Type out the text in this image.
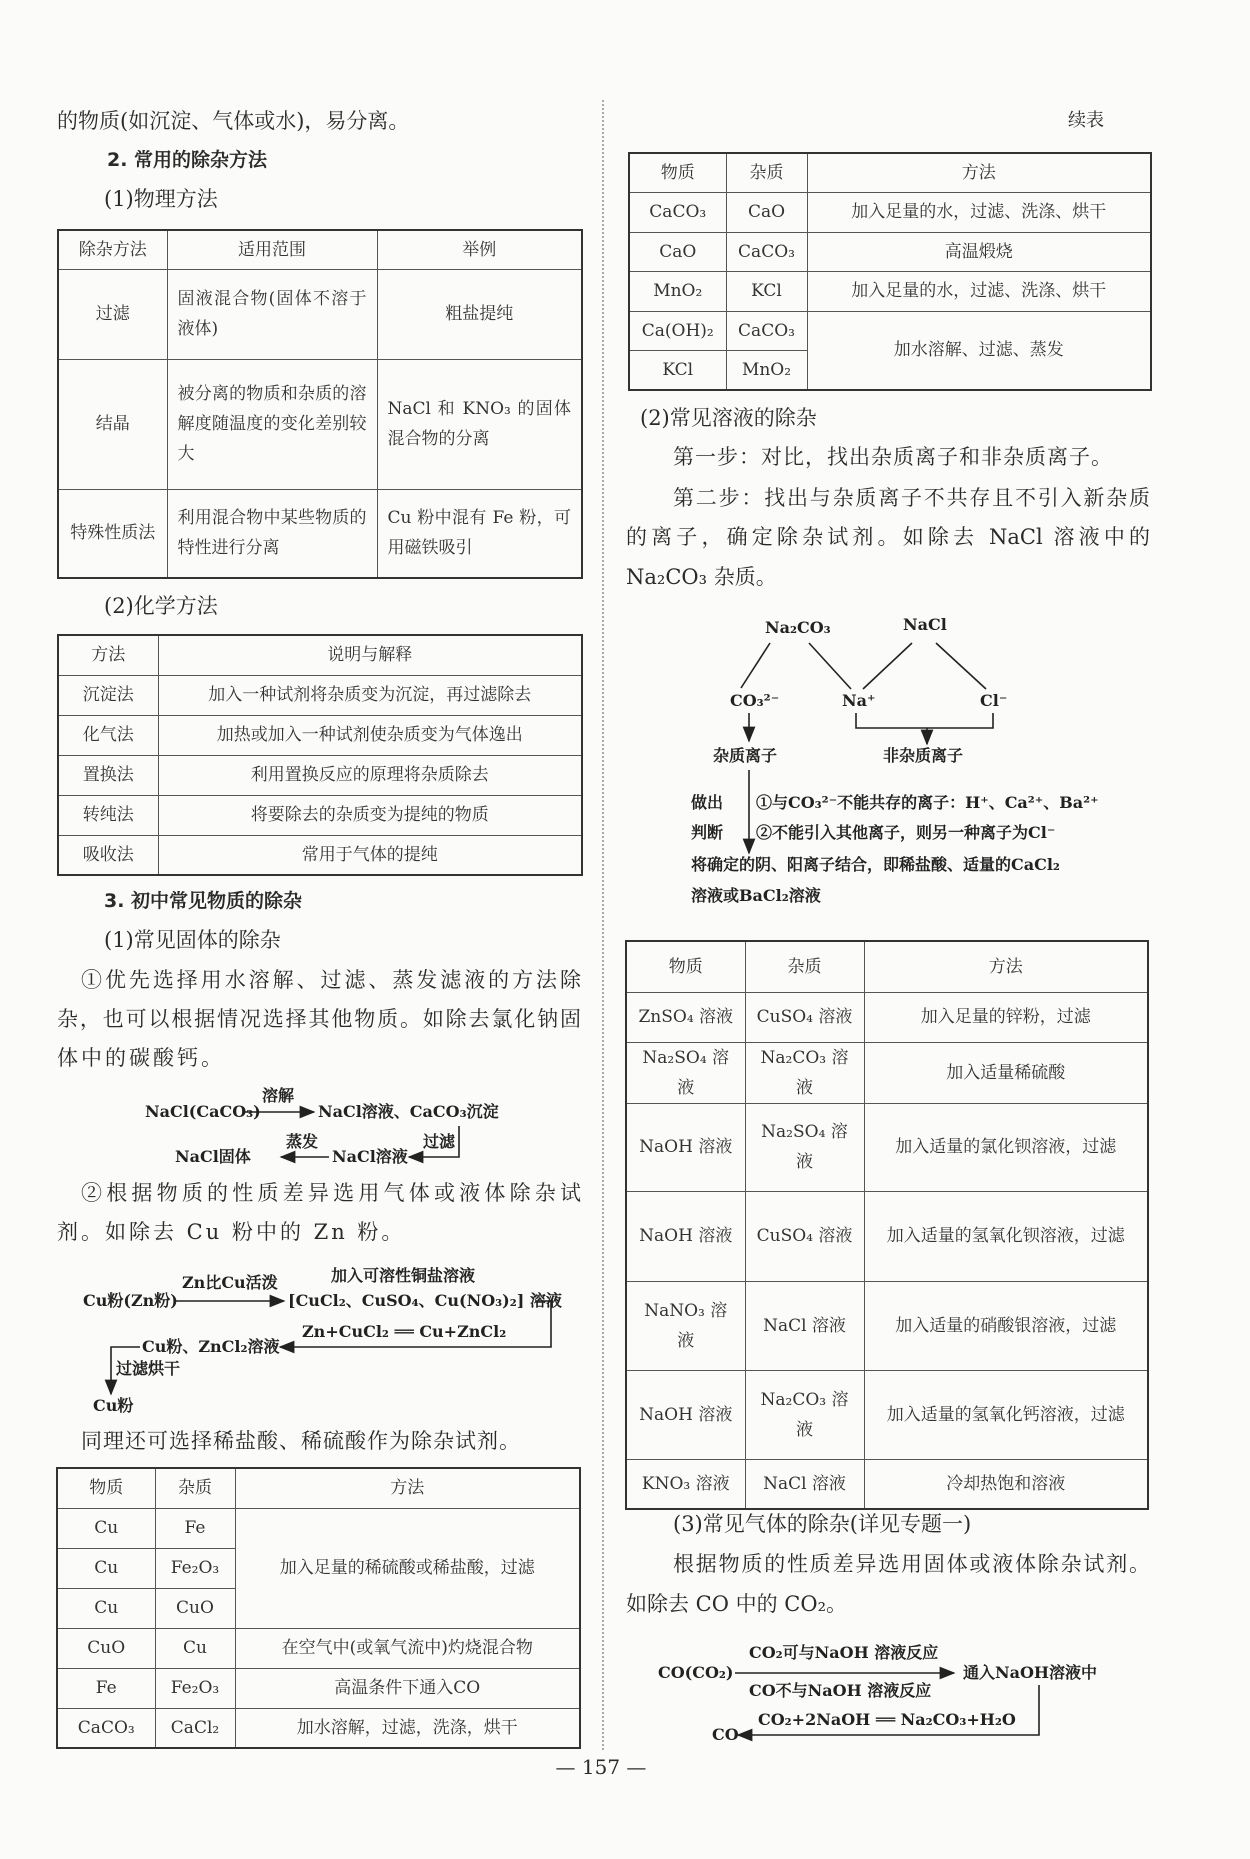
的物质(如沉淀、气体或水)，易分离。
2. 常用的除杂方法
(1)物理方法
除杂方法	适用范围	举例
过滤	固液混合物(固体不溶于液体)	粗盐提纯
结晶	被分离的物质和杂质的溶解度随温度的变化差别较大	NaCl 和 KNO₃ 的固体混合物的分离
特殊性质法	利用混合物中某些物质的特性进行分离	Cu 粉中混有 Fe 粉，可用磁铁吸引
(2)化学方法
方法	说明与解释
沉淀法	加入一种试剂将杂质变为沉淀，再过滤除去
化气法	加热或加入一种试剂使杂质变为气体逸出
置换法	利用置换反应的原理将杂质除去
转纯法	将要除去的杂质变为提纯的物质
吸收法	常用于气体的提纯
3. 初中常见物质的除杂
(1)常见固体的除杂
①优先选择用水溶解、过滤、蒸发滤液的方法除
杂，也可以根据情况选择其他物质。如除去氯化钠固
体中的碳酸钙。
NaCl(CaCO₃)
溶解
NaCl溶液、CaCO₃沉淀
过滤
NaCl溶液
蒸发
NaCl固体
②根据物质的性质差异选用气体或液体除杂试
剂。如除去 Cu 粉中的 Zn 粉。
Cu粉(Zn粉)
Zn比Cu活泼	加入可溶性铜盐溶液
[CuCl₂、CuSO₄、Cu(NO₃)₂] 溶液
Zn+CuCl₂ ══ Cu+ZnCl₂
Cu粉、ZnCl₂溶液
过滤烘干
Cu粉
同理还可选择稀盐酸、稀硫酸作为除杂试剂。
物质	杂质	方法
Cu	Fe	加入足量的稀硫酸或稀盐酸，过滤
Cu	Fe₂O₃	
Cu	CuO	
CuO	Cu	在空气中(或氧气流中)灼烧混合物
Fe	Fe₂O₃	高温条件下通入CO
CaCO₃	CaCl₂	加水溶解，过滤，洗涤，烘干
续表
物质	杂质	方法
CaCO₃	CaO	加入足量的水，过滤、洗涤、烘干
CaO	CaCO₃	高温煅烧
MnO₂	KCl	加入足量的水，过滤、洗涤、烘干
Ca(OH)₂	CaCO₃	加水溶解、过滤、蒸发
KCl	MnO₂	
(2)常见溶液的除杂
第一步：对比，找出杂质离子和非杂质离子。
第二步：找出与杂质离子不共存且不引入新杂质
的离子，确定除杂试剂。如除去 NaCl 溶液中的
Na₂CO₃ 杂质。
Na₂CO₃	NaCl
CO₃²⁻	Na⁺	Cl⁻
杂质离子	非杂质离子
做出
判断
①与CO₃²⁻不能共存的离子：H⁺、Ca²⁺、Ba²⁺
②不能引入其他离子，则另一种离子为Cl⁻
将确定的阴、阳离子结合，即稀盐酸、适量的CaCl₂
溶液或BaCl₂溶液
物质	杂质	方法
ZnSO₄ 溶液	CuSO₄ 溶液	加入足量的锌粉，过滤
Na₂SO₄ 溶液	Na₂CO₃ 溶液	加入适量稀硫酸
NaOH 溶液	Na₂SO₄ 溶液	加入适量的氯化钡溶液，过滤
NaOH 溶液	CuSO₄ 溶液	加入适量的氢氧化钡溶液，过滤
NaNO₃ 溶液	NaCl 溶液	加入适量的硝酸银溶液，过滤
NaOH 溶液	Na₂CO₃ 溶液	加入适量的氢氧化钙溶液，过滤
KNO₃ 溶液	NaCl 溶液	冷却热饱和溶液
(3)常见气体的除杂(详见专题一)
根据物质的性质差异选用固体或液体除杂试剂。
如除去 CO 中的 CO₂。
CO(CO₂)
CO₂可与NaOH 溶液反应
CO不与NaOH 溶液反应
通入NaOH溶液中
CO₂+2NaOH ══ Na₂CO₃+H₂O
CO
— 157 —
